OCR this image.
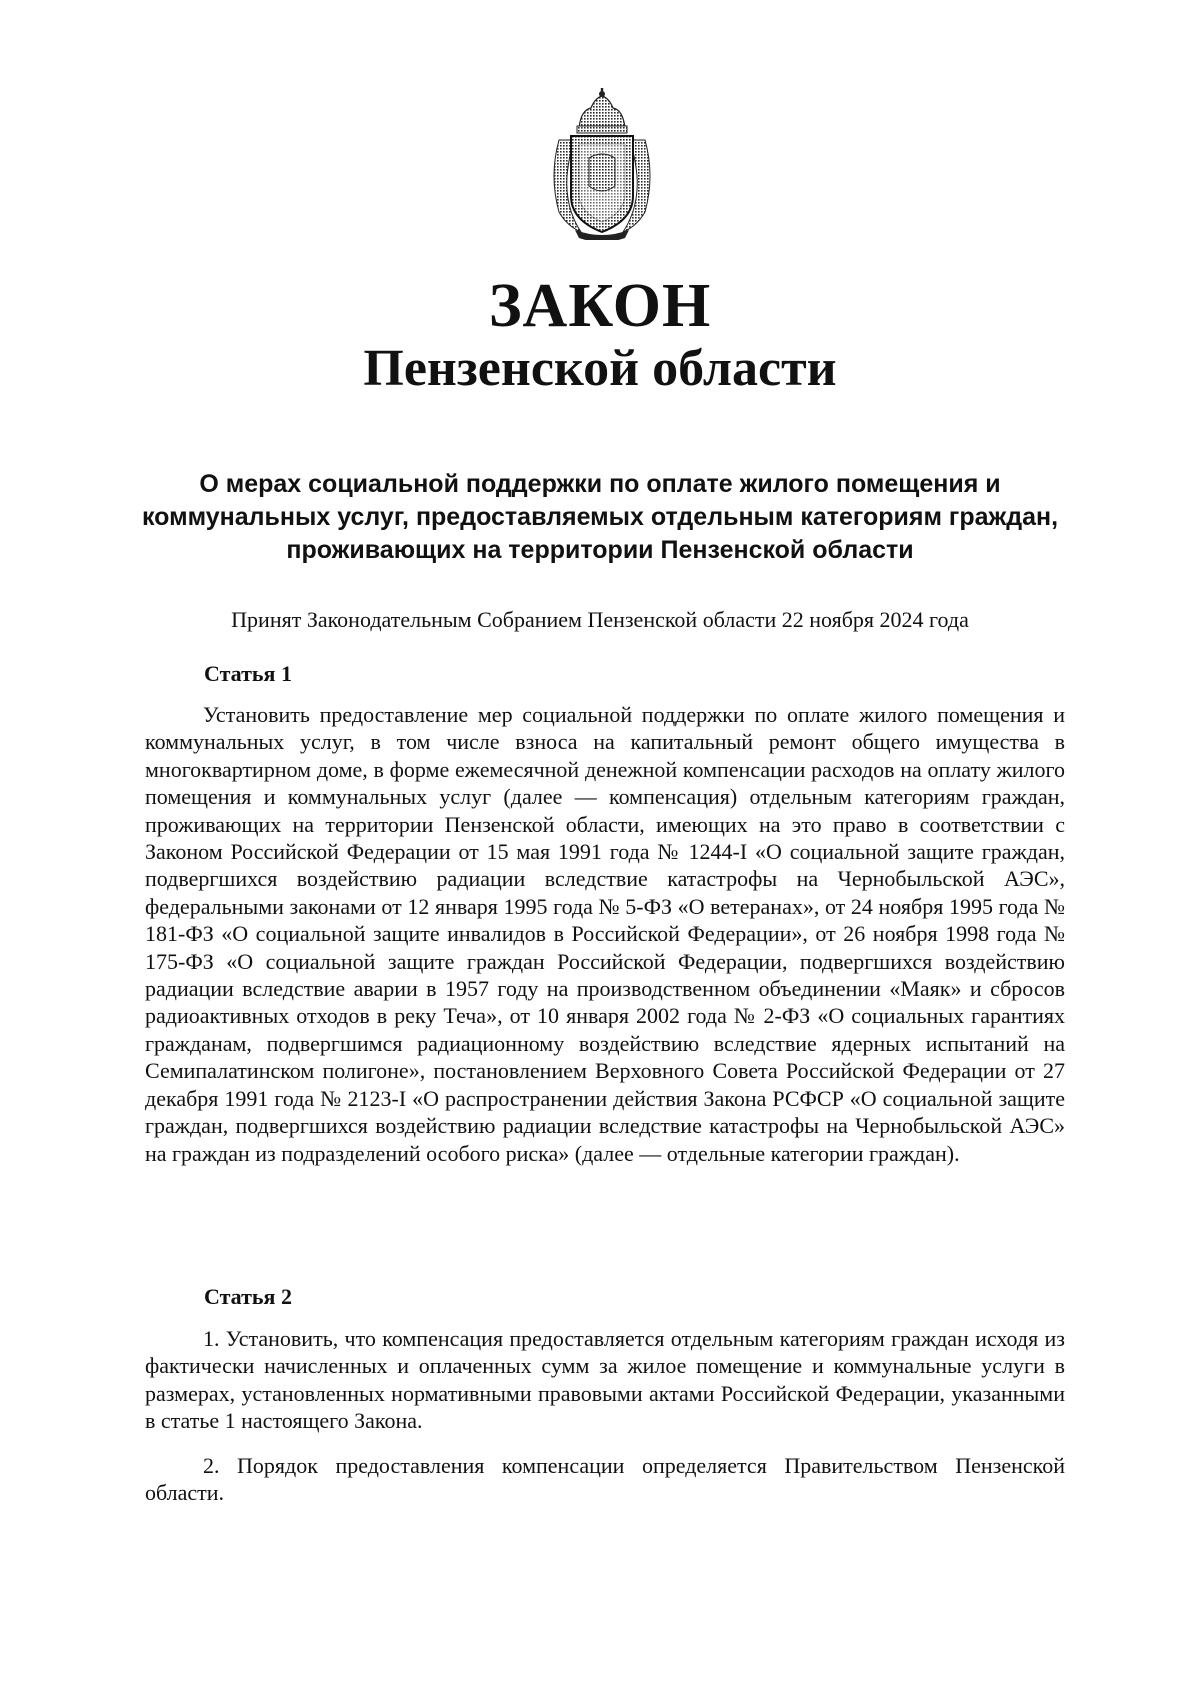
ЗАКОН
Пензенской области
О мерах социальной поддержки по оплате жилого помещения и коммунальных услуг, предоставляемых отдельным категориям граждан, проживающих на территории Пензенской области
Принят Законодательным Собранием Пензенской области 22 ноября 2024 года
Статья 1

Установить предоставление мер социальной поддержки по оплате жилого помещения и коммунальных услуг, в том числе взноса на капитальный ремонт общего имущества в многоквартирном доме, в форме ежемесячной денежной компенсации расходов на оплату жилого помещения и коммунальных услуг (далее — компенсация) отдельным категориям граждан, проживающих на территории Пензенской области, имеющих на это право в соответствии с Законом Российской Федерации от 15 мая 1991 года № 1244-I «О социальной защите граждан, подвергшихся воздействию радиации вследствие катастрофы на Чернобыльской АЭС», федеральными законами от 12 января 1995 года № 5-ФЗ «О ветеранах», от 24 ноября 1995 года № 181-ФЗ «О социальной защите инвалидов в Российской Федерации», от 26 ноября 1998 года № 175-ФЗ «О социальной защите граждан Российской Федерации, подвергшихся воздействию радиации вследствие аварии в 1957 году на производственном объединении «Маяк» и сбросов радиоактивных отходов в реку Теча», от 10 января 2002 года № 2-ФЗ «О социальных гарантиях гражданам, подвергшимся радиационному воздействию вследствие ядерных испытаний на Семипалатинском полигоне», постановлением Верховного Совета Российской Федерации от 27 декабря 1991 года № 2123-I «О распространении действия Закона РСФСР «О социальной защите граждан, подвергшихся воздействию радиации вследствие катастрофы на Чернобыльской АЭС» на граждан из подразделений особого риска» (далее — отдельные категории граждан).

Статья 2

1. Установить, что компенсация предоставляется отдельным категориям граждан исходя из фактически начисленных и оплаченных сумм за жилое помещение и коммунальные услуги в размерах, установленных нормативными правовыми актами Российской Федерации, указанными в статье 1 настоящего Закона.

2. Порядок предоставления компенсации определяется Правительством Пензенской области.
